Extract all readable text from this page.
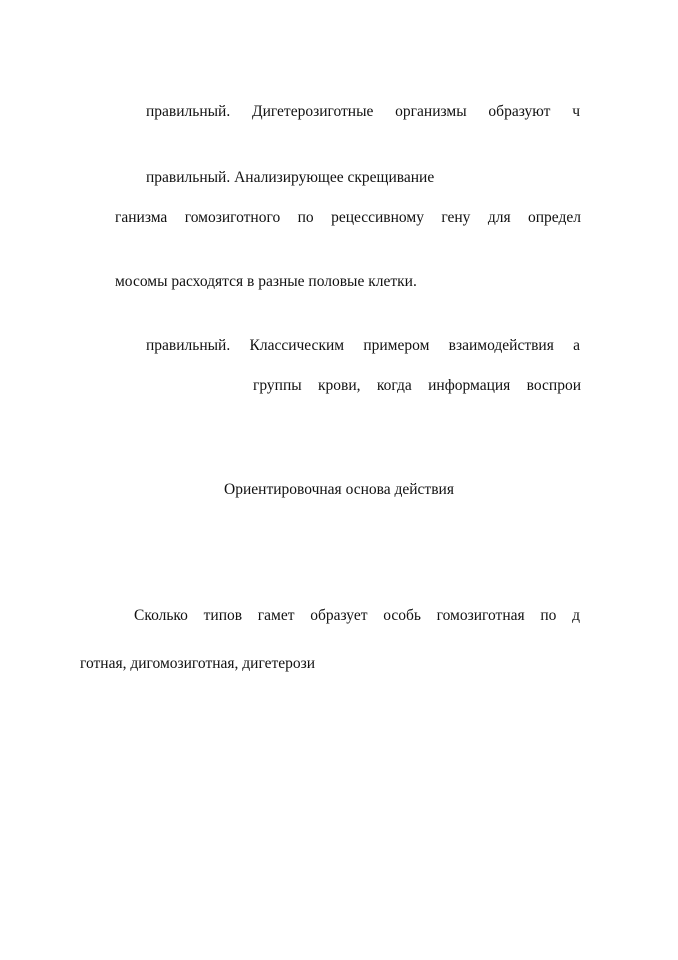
правильный. Дигетерозиготные организмы образуют ч
правильный. Анализирующее скрещивание
ганизма гомозиготного по рецессивному гену для определ
мосомы расходятся в разные половые клетки.
правильный. Классическим примером взаимодействия а
группы крови, когда информация воспрои
Ориентировочная основа действия
Сколько типов гамет образует особь гомозиготная по д
готная, дигомозиготная, дигетерози
